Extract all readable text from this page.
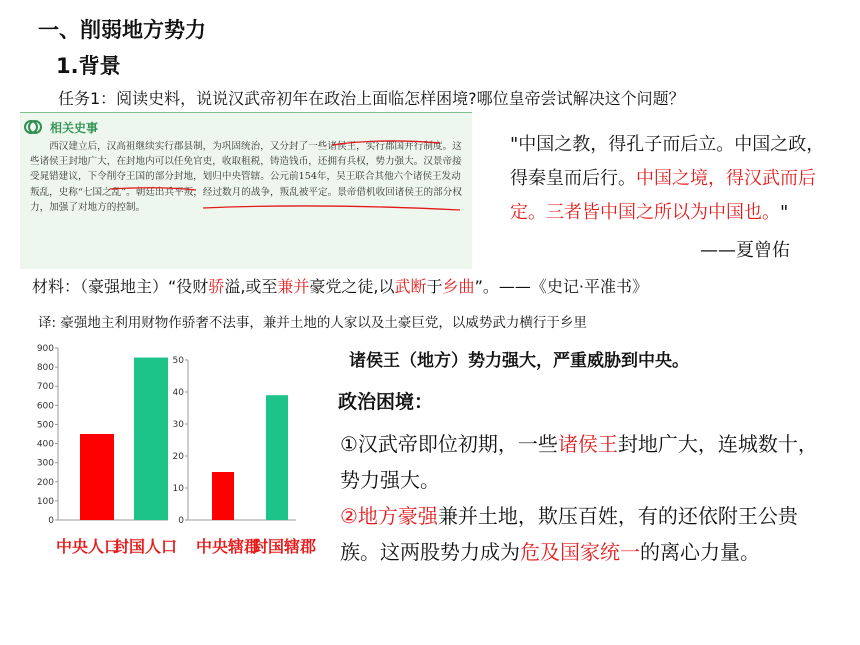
一、削弱地方势力
1.背景
任务1：阅读史料，说说汉武帝初年在政治上面临怎样困境?哪位皇帝尝试解决这个问题？
相关史事
西汉建立后，汉高祖继续实行郡县制，为巩固统治，又分封了一些诸侯王，实行郡国并行制度。这些诸侯王封地广大，在封地内可以任免官吏，收取租税，铸造钱币，还拥有兵权，势力强大。汉景帝接受晁错建议，下令削夺王国的部分封地，划归中央管辖。公元前154年，吴王联合其他六个诸侯王发动叛乱，史称“七国之乱”。朝廷出兵平叛，经过数月的战争，叛乱被平定。景帝借机收回诸侯王的部分权力，加强了对地方的控制。
"中国之教，得孔子而后立。中国之政，得秦皇而后行。中国之境，得汉武而后定。三者皆中国之所以为中国也。"
——夏曾佑
材料：（豪强地主）“役财骄溢,或至兼并豪党之徒,以武断于乡曲”。——《史记·平准书》
译: 豪强地主利用财物作骄奢不法事，兼并土地的人家以及土豪巨党，以威势武力横行于乡里
0
100
200
300
400
500
600
700
800
900
0
10
20
30
40
50
中央人口
封国人口 中央辖郡
封国辖郡
诸侯王（地方）势力强大，严重威胁到中央。
政治困境：
①汉武帝即位初期，一些诸侯王封地广大，连城数十，势力强大。
②地方豪强兼并土地，欺压百姓，有的还依附王公贵族。这两股势力成为危及国家统一的离心力量。
